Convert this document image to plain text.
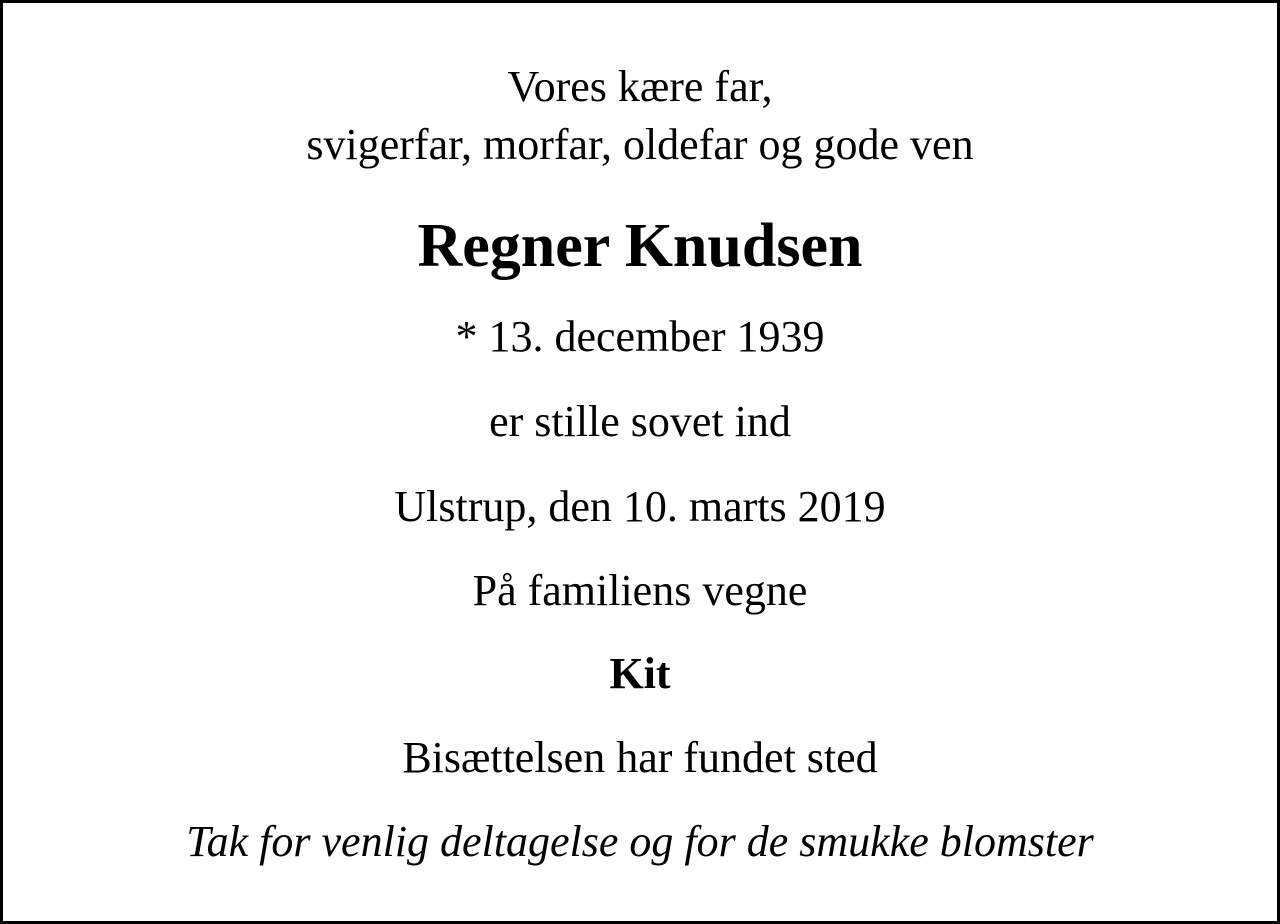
Vores kære far,
svigerfar, morfar, oldefar og gode ven
Regner Knudsen
* 13. december 1939
er stille sovet ind
Ulstrup, den 10. marts 2019
På familiens vegne
Kit
Bisættelsen har fundet sted
Tak for venlig deltagelse og for de smukke blomster
